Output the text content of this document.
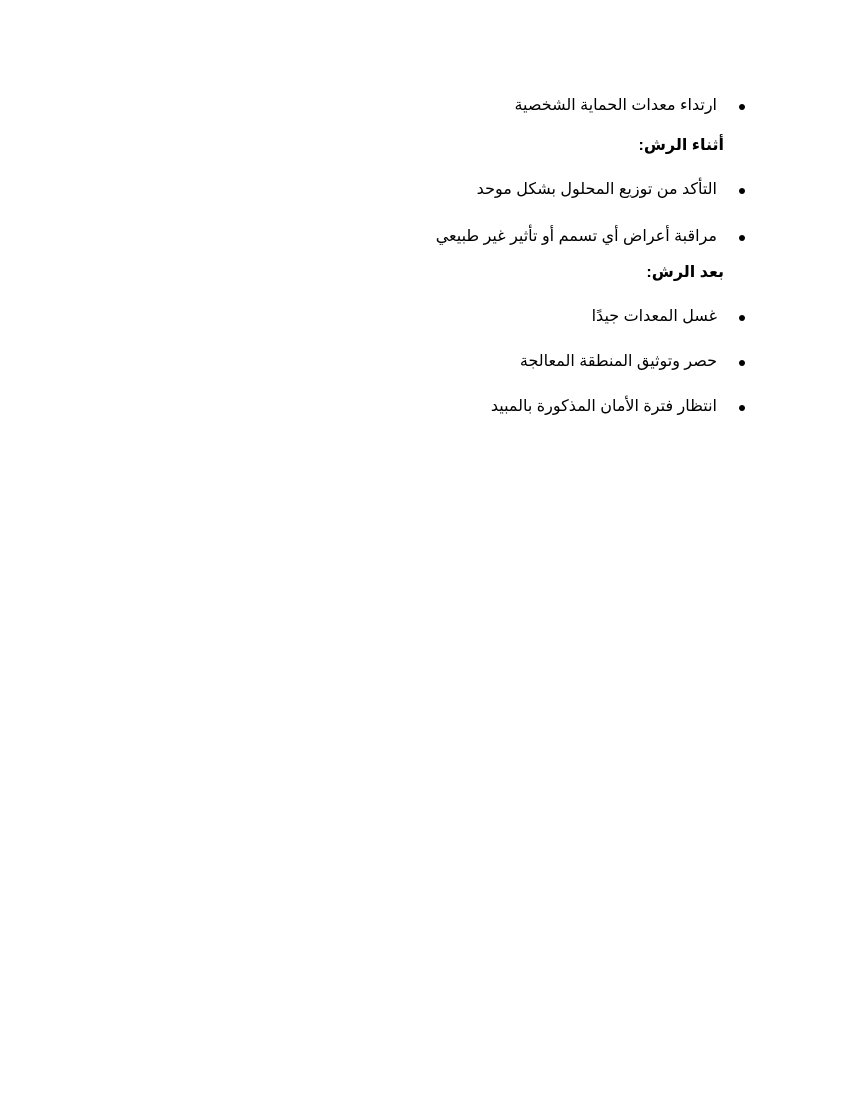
ارتداء معدات الحماية الشخصية
أثناء الرش:
التأكد من توزيع المحلول بشكل موحد
مراقبة أعراض أي تسمم أو تأثير غير طبيعي
بعد الرش:
غسل المعدات جيدًا
حصر وتوثيق المنطقة المعالجة
انتظار فترة الأمان المذكورة بالمبيد
